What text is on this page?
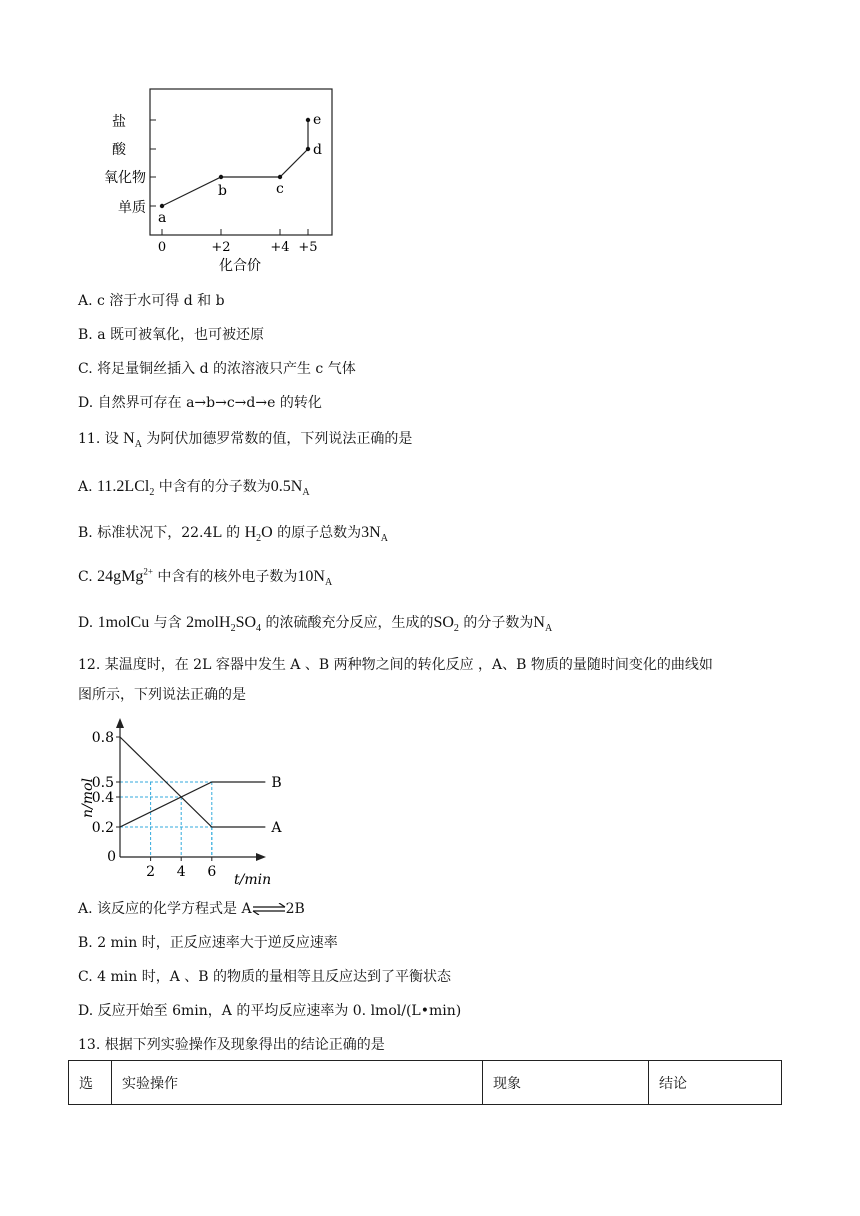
盐
酸
氧化物
单质
0	+2	+4 +5
化合价
a
b	c
d
e
A. c 溶于水可得 d 和 b
B. a 既可被氧化，也可被还原
C. 将足量铜丝插入 d 的浓溶液只产生 c 气体
D. 自然界可存在 a→b→c→d→e 的转化
11. 设 $N_A$ 为阿伏加德罗常数的值，下列说法正确的是
A. 11.2LCl$_2$ 中含有的分子数为$0.5N_A$
B. 标准状况下，22.4L 的 $H_2O$ 的原子总数为$3N_A$
C. 24gMg$^{2+}$ 中含有的核外电子数为$10N_A$
D. 1molCu 与含 $2molH_2SO_4$ 的浓硫酸充分反应，生成的$SO_2$ 的分子数为$N_A$
12. 某温度时，在 2L 容器中发生 A 、B 两种物之间的转化反应 ，A、B 物质的量随时间变化的曲线如
图所示，下列说法正确的是
A
B
0.2
0.4
0.5
0.8
2 4 6
0
n/mol
t/min
A. 该反应的化学方程式是 A⇌2B
B. 2 min 时，正反应速率大于逆反应速率
C. 4 min 时，A 、B 的物质的量相等且反应达到了平衡状态
D. 反应开始至 6min，A 的平均反应速率为 0. lmol/(L•min)
13. 根据下列实验操作及现象得出的结论正确的是
选	实验操作	现象	结论
